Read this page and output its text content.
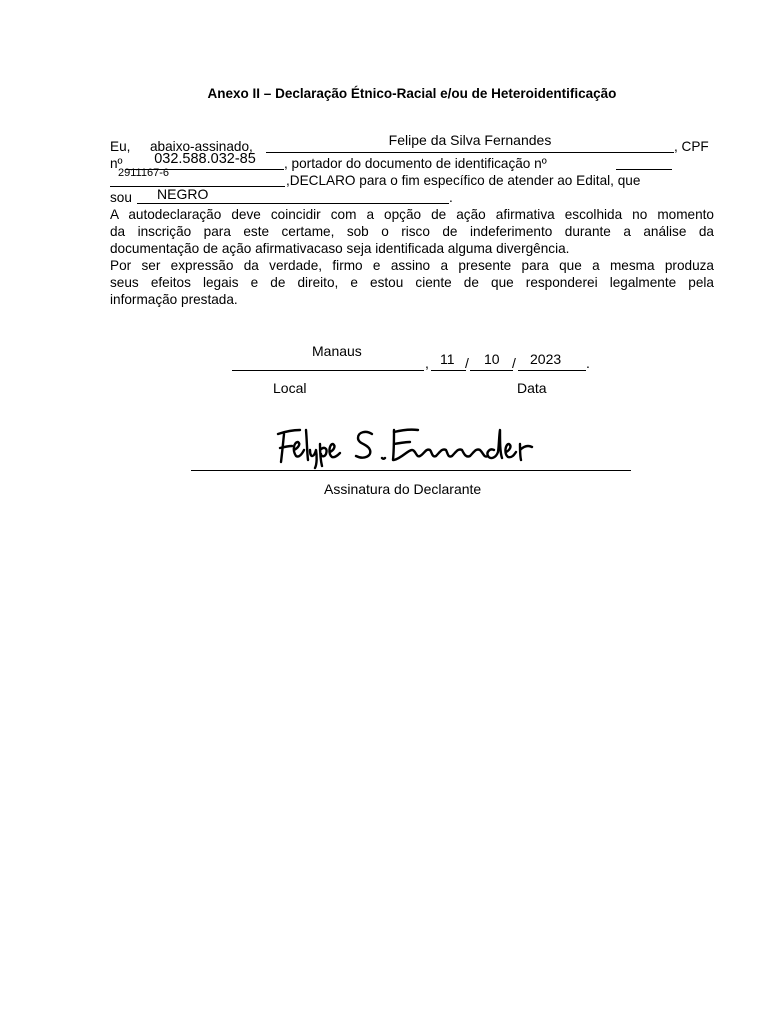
Anexo II – Declaração Étnico-Racial e/ou de Heteroidentificação
Eu, abaixo-assinado,	Felipe da Silva Fernandes	, CPF
nº	032.588.032-85	, portador do documento de identificação nº
2911167-6	,DECLARO para o fim específico de atender ao Edital, que
sou NEGRO	.
A autodeclaração deve coincidir com a opção de ação afirmativa escolhida no momento
da inscrição para este certame, sob o risco de indeferimento durante a análise da
documentação de ação afirmativacaso seja identificada alguma divergência.
Por ser expressão da verdade, firmo e assino a presente para que a mesma produza
seus efeitos legais e de direito, e estou ciente de que responderei legalmente pela
informação prestada.
Manaus
, 11 / 10 / 2023 .
Local	Data
Assinatura do Declarante
